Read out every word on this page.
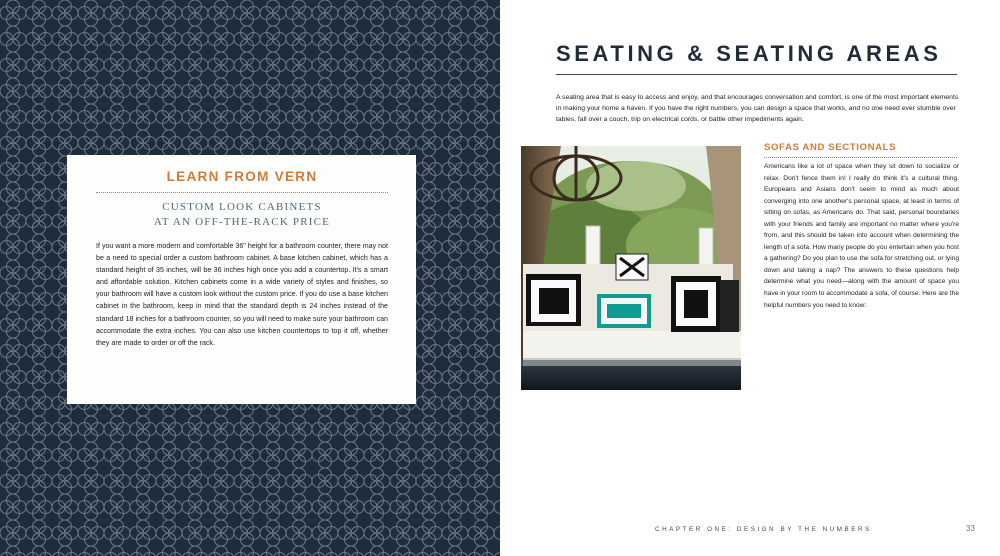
LEARN FROM VERN

CUSTOM LOOK CABINETS
AT AN OFF-THE-RACK PRICE

If you want a more modern and comfortable 36" height for a bathroom counter, there may not be a need to special order a custom bathroom cabinet. A base kitchen cabinet, which has a standard height of 35 inches, will be 36 inches high once you add a countertop. It's a smart and affordable solution. Kitchen cabinets come in a wide variety of styles and finishes, so your bathroom will have a custom look without the custom price. If you do use a base kitchen cabinet in the bathroom, keep in mind that the standard depth is 24 inches instead of the standard 18 inches for a bathroom counter, so you will need to make sure your bathroom can accommodate the extra inches. You can also use kitchen countertops to top it off, whether they are made to order or off the rack.

SEATING & SEATING AREAS

A seating area that is easy to access and enjoy, and that encourages conversation and comfort, is one of the most important elements in making your home a haven. If you have the right numbers, you can design a space that works, and no one need ever stumble over tables, fall over a couch, trip on electrical cords, or battle other impediments again.

SOFAS AND SECTIONALS

Americans like a lot of space when they sit down to socialize or relax. Don't fence them in! I really do think it's a cultural thing. Europeans and Asians don't seem to mind as much about converging into one another's personal space, at least in terms of sitting on sofas, as Americans do. That said, personal boundaries with your friends and family are important no matter where you're from, and this should be taken into account when determining the length of a sofa. How many people do you entertain when you host a gathering? Do you plan to use the sofa for stretching out, or lying down and taking a nap? The answers to these questions help determine what you need—along with the amount of space you have in your room to accommodate a sofa, of course. Here are the helpful numbers you need to know:

CHAPTER ONE: DESIGN BY THE NUMBERS	33
